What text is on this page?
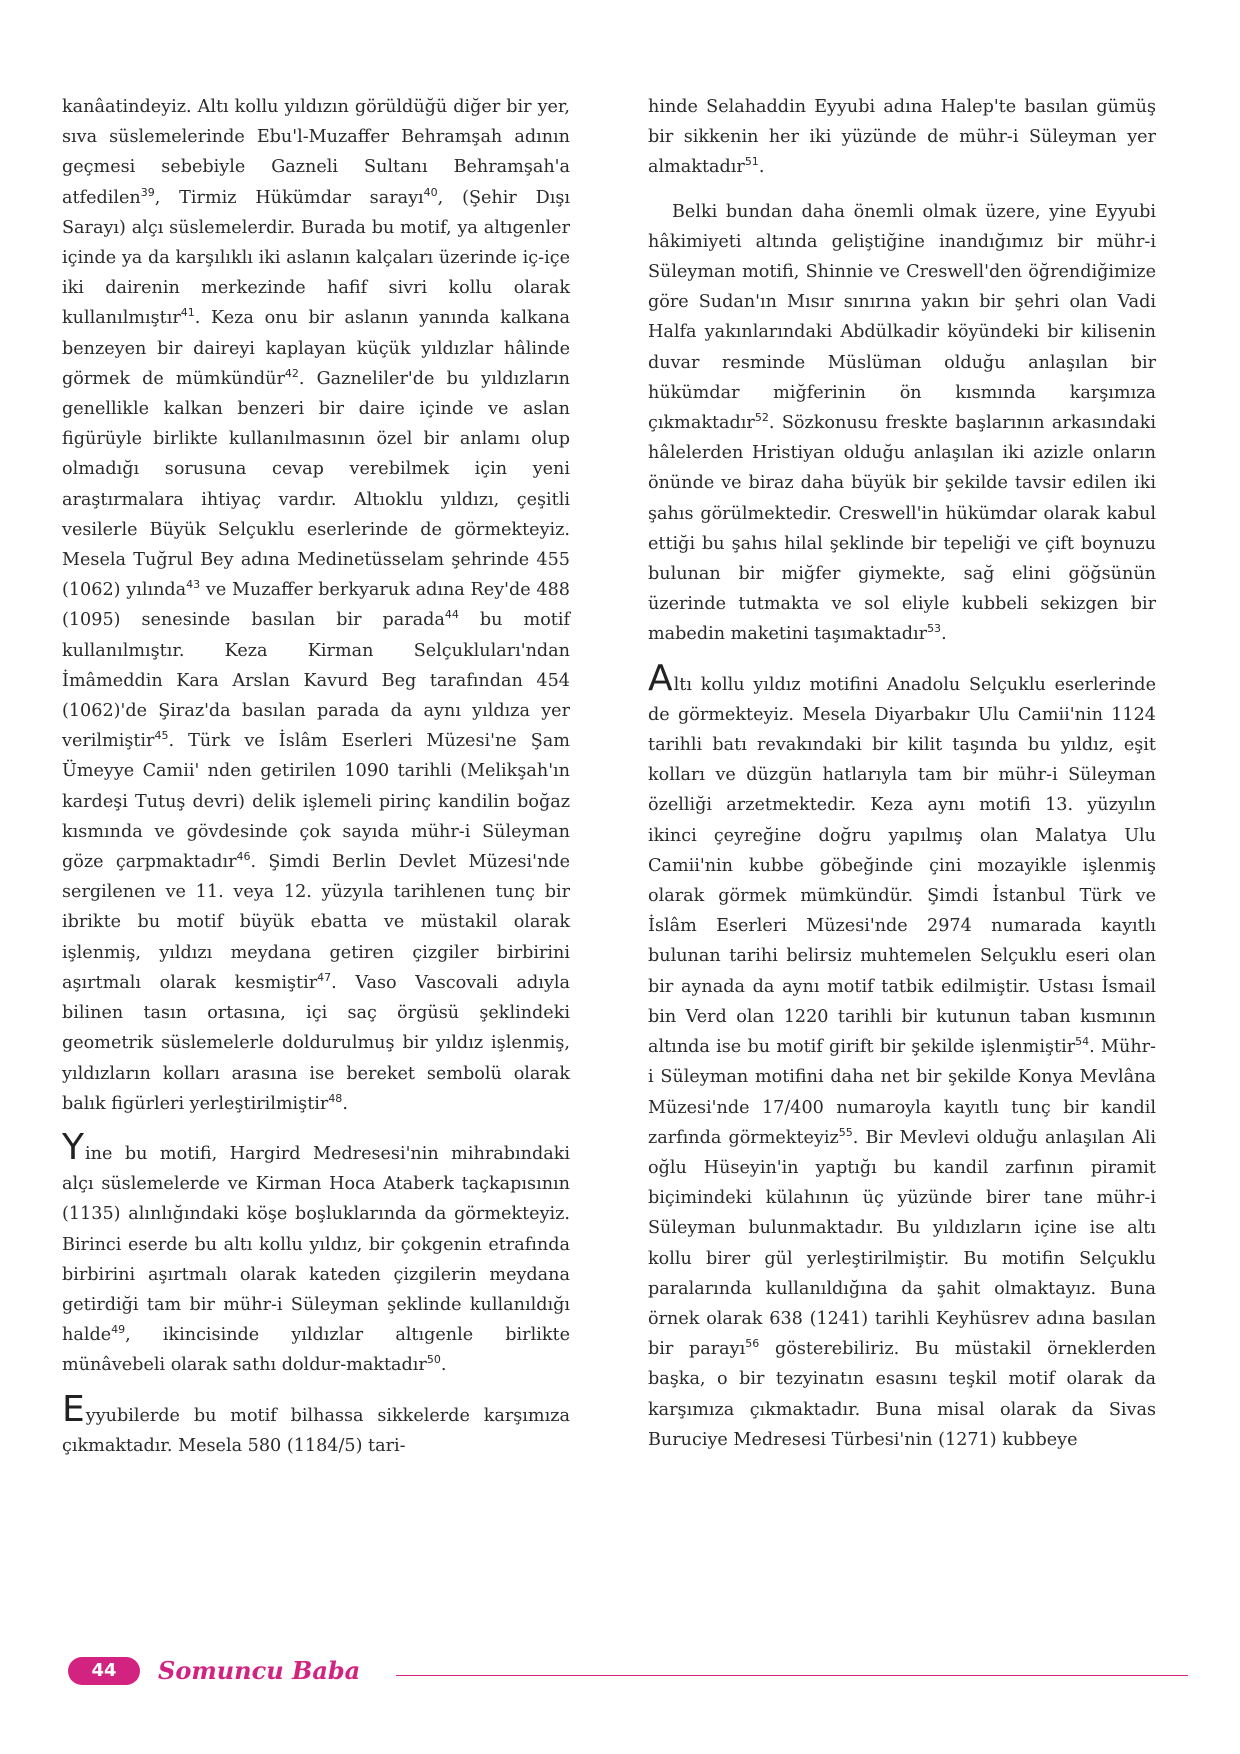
kanâatindeyiz. Altı kollu yıldızın görüldüğü diğer bir yer, sıva süslemelerinde Ebu'l-Muzaffer Behramşah adının geçmesi sebebiyle Gazneli Sultanı Behramşah'a atfedilen$^{39}$, Tirmiz Hükümdar sarayı$^{40}$, (Şehir Dışı Sarayı) alçı süslemelerdir. Burada bu motif, ya altıgenler içinde ya da karşılıklı iki aslanın kalçaları üzerinde iç-içe iki dairenin merkezinde hafif sivri kollu olarak kullanılmıştır$^{41}$. Keza onu bir aslanın yanında kalkana benzeyen bir daireyi kaplayan küçük yıldızlar hâlinde görmek de mümkündür$^{42}$. Gazneliler'de bu yıldızların genellikle kalkan benzeri bir daire içinde ve aslan figürüyle birlikte kullanılmasının özel bir anlamı olup olmadığı sorusuna cevap verebilmek için yeni araştırmalara ihtiyaç vardır. Altıoklu yıldızı, çeşitli vesilerle Büyük Selçuklu eserlerinde de görmekteyiz. Mesela Tuğrul Bey adına Medinetüsselam şehrinde 455 (1062) yılında$^{43}$ ve Muzaffer berkyaruk adına Rey'de 488 (1095) senesinde basılan bir parada$^{44}$ bu motif kullanılmıştır. Keza Kirman Selçukluları'ndan İmâmeddin Kara Arslan Kavurd Beg tarafından 454 (1062)'de Şiraz'da basılan parada da aynı yıldıza yer verilmiştir$^{45}$. Türk ve İslâm Eserleri Müzesi'ne Şam Ümeyye Camii' nden getirilen 1090 tarihli (Melikşah'ın kardeşi Tutuş devri) delik işlemeli pirinç kandilin boğaz kısmında ve gövdesinde çok sayıda mühr-i Süleyman göze çarpmaktadır$^{46}$. Şimdi Berlin Devlet Müzesi'nde sergilenen ve 11. veya 12. yüzyıla tarihlenen tunç bir ibrikte bu motif büyük ebatta ve müstakil olarak işlenmiş, yıldızı meydana getiren çizgiler birbirini aşırtmalı olarak kesmiştir$^{47}$. Vaso Vascovali adıyla bilinen tasın ortasına, içi saç örgüsü şeklindeki geometrik süslemelerle doldurulmuş bir yıldız işlenmiş, yıldızların kolları arasına ise bereket sembolü olarak balık figürleri yerleştirilmiştir$^{48}$.

Yine bu motifi, Hargird Medresesi'nin mihrabındaki alçı süslemelerde ve Kirman Hoca Ataberk taçkapısının (1135) alınlığındaki köşe boşluklarında da görmekteyiz. Birinci eserde bu altı kollu yıldız, bir çokgenin etrafında birbirini aşırtmalı olarak kateden çizgilerin meydana getirdiği tam bir mühr-i Süleyman şeklinde kullanıldığı halde$^{49}$, ikincisinde yıldızlar altıgenle birlikte münâvebeli olarak sathı doldur-maktadır$^{50}$.

Eyyubilerde bu motif bilhassa sikkelerde karşımıza çıkmaktadır. Mesela 580 (1184/5) tari-

hinde Selahaddin Eyyubi adına Halep'te basılan gümüş bir sikkenin her iki yüzünde de mühr-i Süleyman yer almaktadır$^{51}$.

Belki bundan daha önemli olmak üzere, yine Eyyubi hâkimiyeti altında geliştiğine inandığımız bir mühr-i Süleyman motifi, Shinnie ve Creswell'den öğrendiğimize göre Sudan'ın Mısır sınırına yakın bir şehri olan Vadi Halfa yakınlarındaki Abdülkadir köyündeki bir kilisenin duvar resminde Müslüman olduğu anlaşılan bir hükümdar miğferinin ön kısmında karşımıza çıkmaktadır$^{52}$. Sözkonusu freskte başlarının arkasındaki hâlelerden Hristiyan olduğu anlaşılan iki azizle onların önünde ve biraz daha büyük bir şekilde tavsir edilen iki şahıs görülmektedir. Creswell'in hükümdar olarak kabul ettiği bu şahıs hilal şeklinde bir tepeliği ve çift boynuzu bulunan bir miğfer giymekte, sağ elini göğsünün üzerinde tutmakta ve sol eliyle kubbeli sekizgen bir mabedin maketini taşımaktadır$^{53}$.

Altı kollu yıldız motifini Anadolu Selçuklu eserlerinde de görmekteyiz. Mesela Diyarbakır Ulu Camii'nin 1124 tarihli batı revakındaki bir kilit taşında bu yıldız, eşit kolları ve düzgün hatlarıyla tam bir mühr-i Süleyman özelliği arzetmektedir. Keza aynı motifi 13. yüzyılın ikinci çeyreğine doğru yapılmış olan Malatya Ulu Camii'nin kubbe göbeğinde çini mozayikle işlenmiş olarak görmek mümkündür. Şimdi İstanbul Türk ve İslâm Eserleri Müzesi'nde 2974 numarada kayıtlı bulunan tarihi belirsiz muhtemelen Selçuklu eseri olan bir aynada da aynı motif tatbik edilmiştir. Ustası İsmail bin Verd olan 1220 tarihli bir kutunun taban kısmının altında ise bu motif girift bir şekilde işlenmiştir$^{54}$. Mühr-i Süleyman motifini daha net bir şekilde Konya Mevlâna Müzesi'nde 17/400 numaroyla kayıtlı tunç bir kandil zarfında görmekteyiz$^{55}$. Bir Mevlevi olduğu anlaşılan Ali oğlu Hüseyin'in yaptığı bu kandil zarfının piramit biçimindeki külahının üç yüzünde birer tane mühr-i Süleyman bulunmaktadır. Bu yıldızların içine ise altı kollu birer gül yerleştirilmiştir. Bu motifin Selçuklu paralarında kullanıldığına da şahit olmaktayız. Buna örnek olarak 638 (1241) tarihli Keyhüsrev adına basılan bir parayı$^{56}$ gösterebiliriz. Bu müstakil örneklerden başka, o bir tezyinatın esasını teşkil motif olarak da karşımıza çıkmaktadır. Buna misal olarak da Sivas Buruciye Medresesi Türbesi'nin (1271) kubbeye

44	Somuncu Baba
